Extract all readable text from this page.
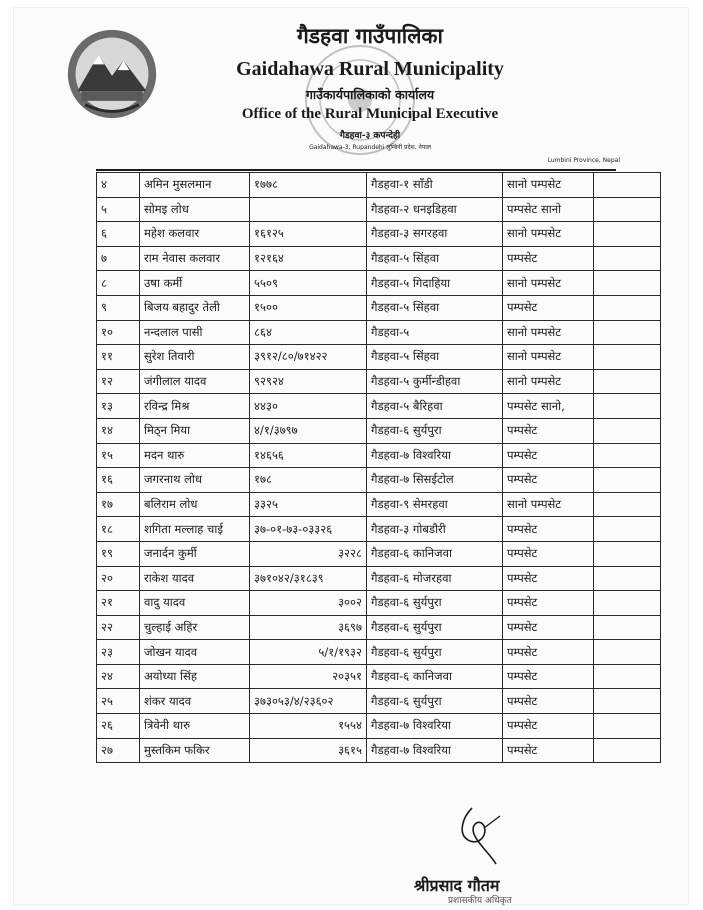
गैडहवा गाउँपालिका
Gaidahawa Rural Municipality
गाउँकार्यपालिकाको कार्यालय
Office of the Rural Municipal Executive
गैडहवा-३ कपन्देही
Gaidahawa-3, Rupandehi लुम्बिनी प्रदेश, नेपाल
Lumbini Province, Nepal
४	अमिन मुसलमान	१७७८	गैडहवा-१ साँडी	सानो पम्पसेट	
५	सोमइ लोध		गैडहवा-२ धनइडिहवा	पम्पसेट सानो	
६	महेश कलवार	१६१२५	गैडहवा-३ सगरहवा	सानो पम्पसेट	
७	राम नेवास कलवार	१२१६४	गैडहवा-५ सिंहवा	पम्पसेट	
८	उषा कर्मी	५५०९	गैडहवा-५ गिदाहिया	सानो पम्पसेट	
९	बिजय बहादुर तेली	१५००	गैडहवा-५ सिंहवा	पम्पसेट	
१०	नन्दलाल पासी	८६४	गैडहवा-५	सानो पम्पसेट	
११	सुरेश तिवारी	३९१२/८०/७१४२२	गैडहवा-५ सिंहवा	सानो पम्पसेट	
१२	जंगीलाल यादव	९२९२४	गैडहवा-५ कुर्मीन्डीहवा	सानो पम्पसेट	
१३	रविन्द्र मिश्र	४४३०	गैडहवा-५ बैरिहवा	पम्पसेट सानो,	
१४	मिठ्न मिया	४/१/३७९७	गैडहवा-६ सुर्यपुरा	पम्पसेट	
१५	मदन थारु	१४६५६	गैडहवा-७ विश्वरिया	पम्पसेट	
१६	जगरनाथ लोध	१७८	गैडहवा-७ सिसईटोल	पम्पसेट	
१७	बलिराम लोध	३३२५	गैडहवा-९ सेमरहवा	सानो पम्पसेट	
१८	शगिता मल्लाह चाई	३७-०१-७३-०३३२६	गैडहवा-३ गोबडौरी	पम्पसेट	
१९	जनार्दन कुर्मी	३२२८	गैडहवा-६ कानिजवा	पम्पसेट	
२०	राकेश यादव	३७१०४२/३१८३९	गैडहवा-६ मोजरहवा	पम्पसेट	
२१	वादु यादव	३००२	गैडहवा-६ सुर्यपुरा	पम्पसेट	
२२	चुल्हाई अहिर	३६९७	गैडहवा-६ सुर्यपुरा	पम्पसेट	
२३	जोखन यादव	५/१/१९३२	गैडहवा-६ सुर्यपुरा	पम्पसेट	
२४	अयोध्या सिंह	२०३५१	गैडहवा-६ कानिजवा	पम्पसेट	
२५	शंकर यादव	३७३०५३/४/२३६०२	गैडहवा-६ सुर्यपुरा	पम्पसेट	
२६	त्रिवेनी थारु	१५५४	गैडहवा-७ विश्वरिया	पम्पसेट	
२७	मुस्तकिम फकिर	३६१५	गैडहवा-७ विश्वरिया	पम्पसेट	
श्रीप्रसाद गौतम
प्रशासकीय अधिकृत
